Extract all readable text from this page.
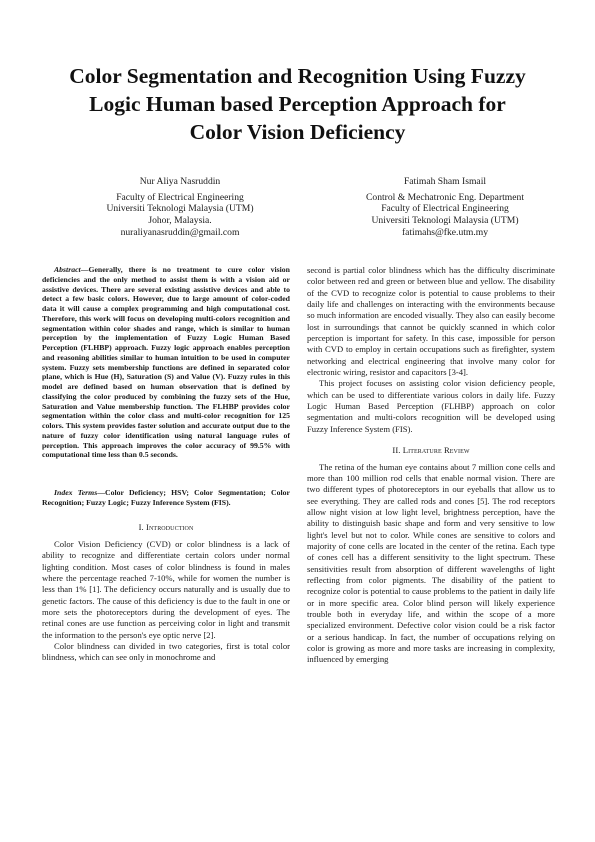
Color Segmentation and Recognition Using Fuzzy
Logic Human based Perception Approach for
Color Vision Deficiency
Nur Aliya Nasruddin
Faculty of Electrical Engineering
Universiti Teknologi Malaysia (UTM)
Johor, Malaysia.
nuraliyanasruddin@gmail.com
Fatimah Sham Ismail
Control & Mechatronic Eng. Department
Faculty of Electrical Engineering
Universiti Teknologi Malaysia (UTM)
fatimahs@fke.utm.my

Abstract—Generally, there is no treatment to cure color vision deficiencies and the only method to assist them is with a vision aid or assistive devices. There are several existing assistive devices and able to detect a few basic colors. However, due to large amount of color-coded data it will cause a complex programming and high computational cost. Therefore, this work will focus on developing multi-colors recognition and segmentation within color shades and range, which is similar to human perception by the implementation of Fuzzy Logic Human Based Perception (FLHBP) approach. Fuzzy logic approach enables perception and reasoning abilities similar to human intuition to be used in computer system. Fuzzy sets membership functions are defined in separated color plane, which is Hue (H), Saturation (S) and Value (V). Fuzzy rules in this model are defined based on human observation that is defined by classifying the color produced by combining the fuzzy sets of the Hue, Saturation and Value membership function. The FLHBP provides color segmentation within the color class and multi-color recognition for 125 colors. This system provides faster solution and accurate output due to the nature of fuzzy color identification using natural language rules of perception. This approach improves the color accuracy of 99.5% with computational time less than 0.5 seconds.

Index Terms—Color Deficiency; HSV; Color Segmentation; Color Recognition; Fuzzy Logic; Fuzzy Inference System (FIS).

I. Introduction

Color Vision Deficiency (CVD) or color blindness is a lack of ability to recognize and differentiate certain colors under normal lighting condition. Most cases of color blindness is found in males where the percentage reached 7-10%, while for women the number is less than 1% [1]. The deficiency occurs naturally and is usually due to genetic factors. The cause of this deficiency is due to the fault in one or more sets the photoreceptors during the development of eyes. The retinal cones are use function as perceiving color in light and transmit the information to the person's eye optic nerve [2].

Color blindness can divided in two categories, first is total color blindness, which can see only in monochrome and

second is partial color blindness which has the difficulty discriminate color between red and green or between blue and yellow. The disability of the CVD to recognize color is potential to cause problems to their daily life and challenges on interacting with the environments because so much information are encoded visually. They also can easily become lost in surroundings that cannot be quickly scanned in which color perception is important for safety. In this case, impossible for person with CVD to employ in certain occupations such as firefighter, system networking and electrical engineering that involve many color for electronic wiring, resistor and capacitors [3-4].

This project focuses on assisting color vision deficiency people, which can be used to differentiate various colors in daily life. Fuzzy Logic Human Based Perception (FLHBP) approach on color segmentation and multi-colors recognition will be developed using Fuzzy Inference System (FIS).

II. Literature Review

The retina of the human eye contains about 7 million cone cells and more than 100 million rod cells that enable normal vision. There are two different types of photoreceptors in our eyeballs that allow us to see everything. They are called rods and cones [5]. The rod receptors allow night vision at low light level, brightness perception, have the ability to distinguish basic shape and form and very sensitive to low light's level but not to color. While cones are sensitive to colors and majority of cone cells are located in the center of the retina. Each type of cones cell has a different sensitivity to the light spectrum. These sensitivities result from absorption of different wavelengths of light reflecting from color pigments. The disability of the patient to recognize color is potential to cause problems to the patient in daily life or in more specific area. Color blind person will likely experience trouble both in everyday life, and within the scope of a more specialized environment. Defective color vision could be a risk factor or a serious handicap. In fact, the number of occupations relying on color is growing as more and more tasks are increasing in complexity, influenced by emerging
